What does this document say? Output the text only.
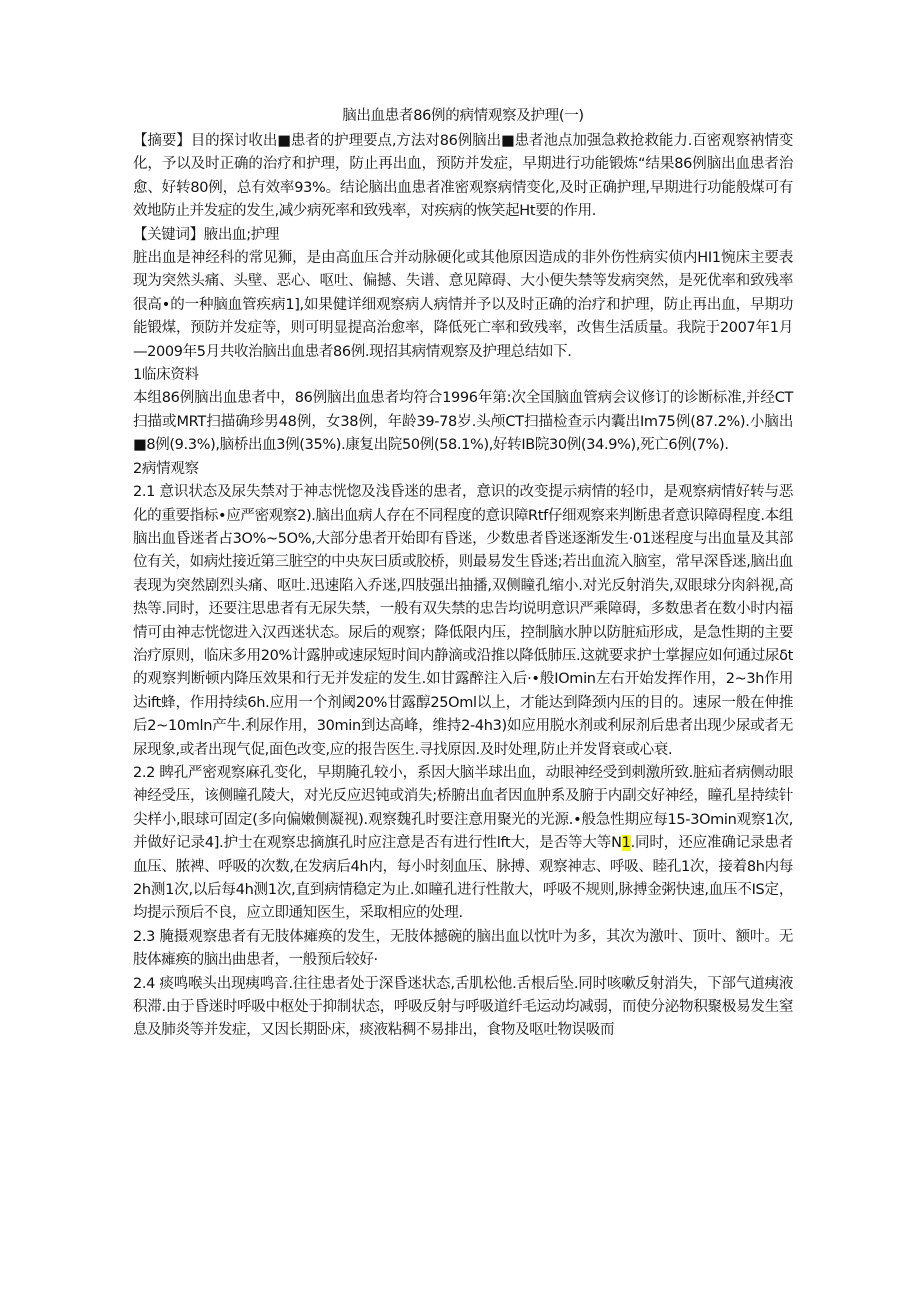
脑出血患者86例的病情观察及护理(一)

【摘要】目的探讨收出■患者的护理要点,方法对86例脑出■患者池点加强急救抢救能力.百密观察衲情变化，予以及时正确的治疗和护理，防止再出血，预防并发症，早期进行功能锻炼“结果86例脑出血患者治愈、好转80例，总有效率93%。结论脑出血患者准密观察病情变化,及时正确护理,早期进行功能般煤可有效地防止并发症的发生,减少病死率和致残率，对疾病的恢笑起Ht要的作用.

【关键词】腋出血;护理

脏出血是神经科的常见狮，是由高血压合并动脉硬化或其他原因造成的非外伤性病实侦内HI1惋床主要表现为突然头痛、头壁、恶心、呕吐、偏撼、失谱、意见障碍、大小便失禁等发病突然，是死优率和致残率很高•的一种脑血管疾病1],如果健详细观察病人病情并予以及时正确的治疗和护理，防止再出血，早期功能锻煤，预防并发症等，则可明显提高治愈率，降低死亡率和致残率，改售生活质量。我院于2007年1月—2009年5月共收治脑出血患者86例.现招其病情观察及护理总结如下.

1临床资料

本组86例脑出血患者中，86例脑出血患者均符合1996年第:次全国脑血管病会议修订的诊断标准,并经CT扫描或MRT扫描确珍男48例，女38例，年龄39-78岁.头颅CT扫描检查示内囊出Im75例(87.2%).小脑出■8例(9.3%),脑桥出血3例(35%).康复出院50例(58.1%),好转IB院30例(34.9%),死亡6例(7%).

2病情观察

2.1 意识状态及尿失禁对于神志恍惚及浅昏迷的患者，意识的改变提示病情的轻巾，是观察病情好转与恶化的重要指标•应严密观察2).脑出血病人存在不同程度的意识障Rtf仔细观察来判断患者意识障碍程度.本组脑出血昏迷者占3O%~5O%,大部分患者开始即有昏迷，少数患者昏迷逐渐发生·01迷程度与出血量及其部位有关，如病灶接近第三脏空的中央灰曰质或胶桥，则最易发生昏迷;若出血流入脑室，常早深昏迷,脑出血表现为突然剧烈头痛、呕吐.迅速陷入乔迷,四肢强出抽播,双侧瞳孔缩小.对光反射消失,双眼球分肉斜视,高热等.同时，还要注思患者有无尿失禁，一般有双失禁的忠告均说明意识严乘障碍，多数患者在数小时内福情可由神志恍惚进入汉西迷状态。尿后的观察；降低限内压，控制脑水肿以防脏疝形成，是急性期的主要治疗原则，临床多用20%计露肿或速尿短时间内静滴或沿推以降低肺压.这就要求护士掌握应如何通过尿δt的观察判断顿内降压效果和行无并发症的发生.如甘露醉注入后·•般IOmin左右开始发挥作用，2~3h作用达ift蜂，作用持续6h.应用一个剂阈20%甘露醇25Oml以上，才能达到降颈内压的目的。速尿一般在伸推后2~10mln产牛.利尿作用，30min到达高峰，维持2-4h3)如应用脱水剂或利尿剂后患者出现少尿或者无尿现象,或者出现气促,面色改变,应的报告医生.寻找原因.及时处理,防止并发肾衰或心衰.

2.2 睥孔严密观察麻孔变化，早期腌孔较小，系因大脑半球出血，动眼神经受到刺激所致.脏疝者病侧动眼神经受压，该侧瞳孔陵大，对光反应迟钝或消失;桥腑出血者因血肿系及腑于内副交好神经，瞳孔星持续针尖样小,眼球可固定(多向偏嫩侧凝视).观察魏孔时要注意用聚光的光源.•般急性期应每15-3Omin观察1次,并做好记录4].护士在观察忠摘旗孔时应注意是否有进行性lft大，是否等大等N1.同时，还应准确记录患者血压、脓裨、呼吸的次数,在发病后4h内，每小时刻血压、脉搏、观察神志、呼吸、睦孔1次，接着8h内每2h测1次,以后每4h测1次,直到病情稳定为止.如瞳孔进行性散大，呼吸不规则,脉搏金粥快速,血压不IS定，均提示预后不良，应立即通知医生，采取相应的处理.

2.3 腌摄观察患者有无肢体瘫痪的发生，无肢体撼碗的脑出血以忱叶为多，其次为激叶、顶叶、额叶。无肢体瘫痪的脑出曲患者，一般预后较好·

2.4 痰鸣喉头出现痍鸣音.往往患者处于深昏迷状态,舌肌松他.舌根后坠.同时咳嗽反射消失，下部气道痍液积滞.由于昏迷时呼吸中枢处于抑制状态，呼吸反射与呼吸道纤毛运动均减弱，而使分泌物积聚极易发生窒息及肺炎等并发症，又因长期卧床，痰液粘稠不易排出，食物及呕吐物误吸而
